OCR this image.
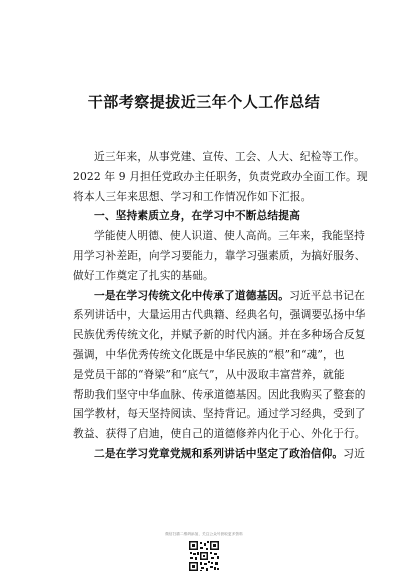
干部考察提拔近三年个人工作总结
近三年来，从事党建、宣传、工会、人大、纪检等工作。
2022 年 9 月担任党政办主任职务，负责党政办全面工作。现
将本人三年来思想、学习和工作情况作如下汇报。
一、坚持素质立身，在学习中不断总结提高
学能使人明德、使人识道、使人高尚。三年来，我能坚持
用学习补差距，向学习要能力，靠学习强素质，为搞好服务、
做好工作奠定了扎实的基础。
一是在学习传统文化中传承了道德基因。习近平总书记在
系列讲话中，大量运用古代典籍、经典名句，强调要弘扬中华
民族优秀传统文化，并赋予新的时代内涵。并在多种场合反复
强调，中华优秀传统文化既是中华民族的“根”和“魂”，也
是党员干部的“脊梁”和“底气”，从中汲取丰富营养，就能
帮助我们坚守中华血脉、传承道德基因。因此我购买了整套的
国学教材，每天坚持阅读、坚持背记。通过学习经典，受到了
教益、获得了启迪，使自己的道德修养内化于心、外化于行。
二是在学习党章党规和系列讲话中坚定了政治信仰。习近
微信扫描二维码添加，关注公众号获取更多资料
